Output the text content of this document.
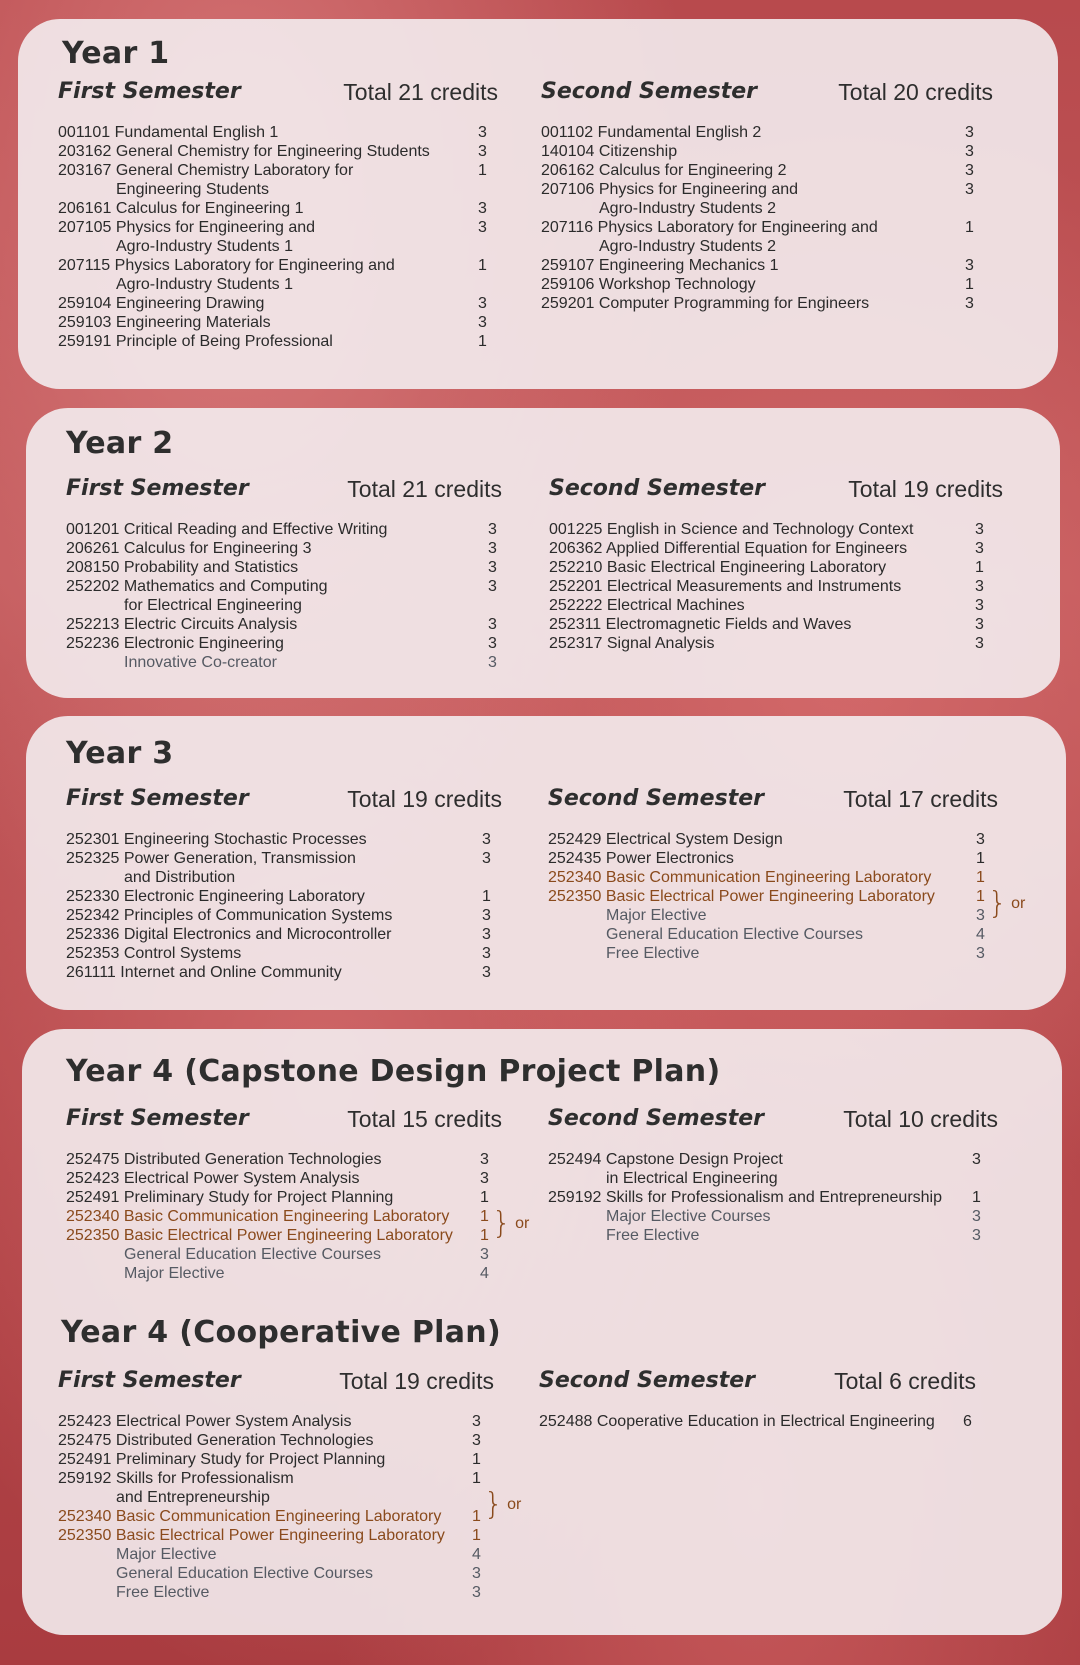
Year 1
Year 2
Year 3
Year 4 (Capstone Design Project Plan)
Year 4 (Cooperative Plan)
First Semester	Total 21 credits
001101 Fundamental English 1	3
203162 General Chemistry for Engineering Students	3
203167 General Chemistry Laboratory for
Engineering Students
1
206161 Calculus for Engineering 1	3
207105 Physics for Engineering and
Agro-Industry Students 1
3
207115 Physics Laboratory for Engineering and
Agro-Industry Students 1
1
259104 Engineering Drawing	3
259103 Engineering Materials	3
259191 Principle of Being Professional	1
Second Semester	Total 20 credits
001102 Fundamental English 2	3
140104 Citizenship	3
206162 Calculus for Engineering 2	3
207106 Physics for Engineering and
Agro-Industry Students 2
3
207116 Physics Laboratory for Engineering and
Agro-Industry Students 2
1
259107 Engineering Mechanics 1	3
259106 Workshop Technology	1
259201 Computer Programming for Engineers	3
First Semester	Total 21 credits
001201 Critical Reading and Effective Writing	3
206261 Calculus for Engineering 3	3
208150 Probability and Statistics	3
252202 Mathematics and Computing
for Electrical Engineering
3
252213 Electric Circuits Analysis	3
252236 Electronic Engineering	3
Innovative Co-creator	3
Second Semester	Total 19 credits
001225 English in Science and Technology Context	3
206362 Applied Differential Equation for Engineers	3
252210 Basic Electrical Engineering Laboratory	1
252201 Electrical Measurements and Instruments	3
252222 Electrical Machines	3
252311 Electromagnetic Fields and Waves	3
252317 Signal Analysis	3
First Semester	Total 19 credits
252301 Engineering Stochastic Processes	3
252325 Power Generation, Transmission
and Distribution
3
252330 Electronic Engineering Laboratory	1
252342 Principles of Communication Systems	3
252336 Digital Electronics and Microcontroller	3
252353 Control Systems	3
261111 Internet and Online Community	3
Second Semester	Total 17 credits
252429 Electrical System Design	3
252435 Power Electronics	1
252340 Basic Communication Engineering Laboratory	1
252350 Basic Electrical Power Engineering Laboratory	1
Major Elective	3
General Education Elective Courses	4
Free Elective	3
} or
First Semester	Total 15 credits
252475 Distributed Generation Technologies	3
252423 Electrical Power System Analysis	3
252491 Preliminary Study for Project Planning	1
252340 Basic Communication Engineering Laboratory 1
252350 Basic Electrical Power Engineering Laboratory 1
General Education Elective Courses	3
Major Elective	4
} or
Second Semester	Total 10 credits
252494 Capstone Design Project
in Electrical Engineering
3
259192 Skills for Professionalism and Entrepreneurship 1
Major Elective Courses	3
Free Elective	3
First Semester	Total 19 credits
252423 Electrical Power System Analysis	3
252475 Distributed Generation Technologies	3
252491 Preliminary Study for Project Planning	1
259192 Skills for Professionalism
and Entrepreneurship
1
252340 Basic Communication Engineering Laboratory 1
252350 Basic Electrical Power Engineering Laboratory 1
Major Elective	4
General Education Elective Courses	3
Free Elective	3
} or
Second Semester	Total 6 credits
252488 Cooperative Education in Electrical Engineering 6
